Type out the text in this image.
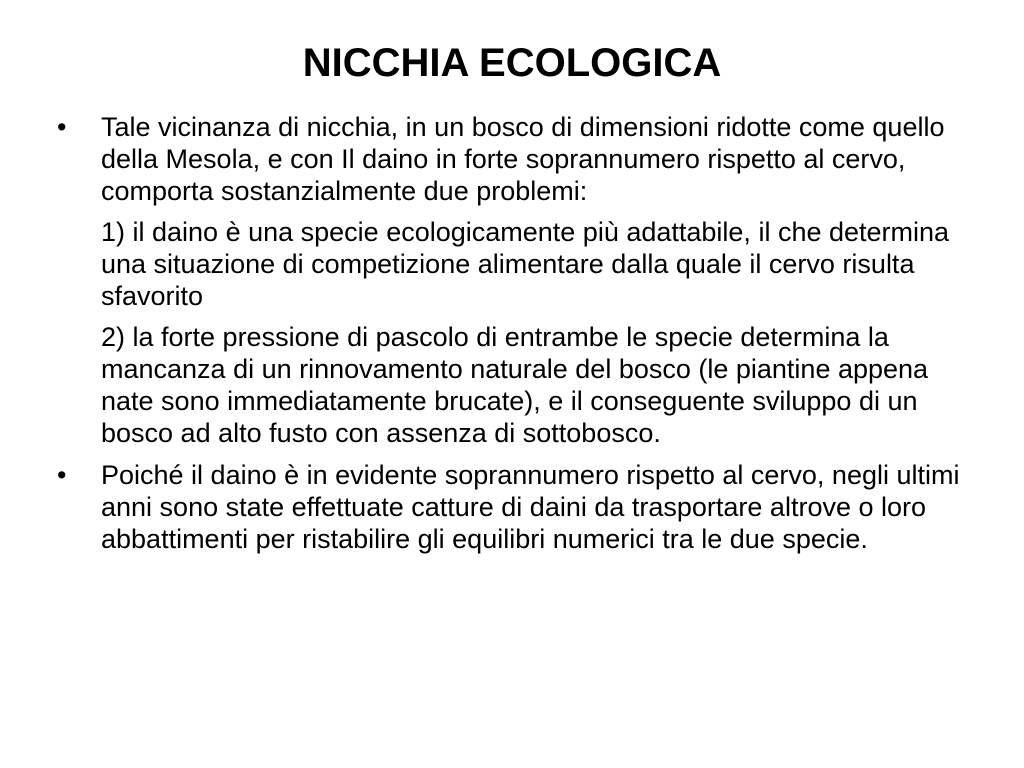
NICCHIA ECOLOGICA
•	Tale vicinanza di nicchia, in un bosco di dimensioni ridotte come quello della Mesola, e con Il daino in forte soprannumero rispetto al cervo, comporta sostanzialmente due problemi:

1) il daino è una specie ecologicamente più adattabile, il che determina una situazione di competizione alimentare dalla quale il cervo risulta sfavorito

2) la forte pressione di pascolo di entrambe le specie determina la mancanza di un rinnovamento naturale del bosco (le piantine appena nate sono immediatamente brucate), e il conseguente sviluppo di un bosco ad alto fusto con assenza di sottobosco.

•	Poiché il daino è in evidente soprannumero rispetto al cervo, negli ultimi anni sono state effettuate catture di daini da trasportare altrove o loro abbattimenti per ristabilire gli equilibri numerici tra le due specie.
